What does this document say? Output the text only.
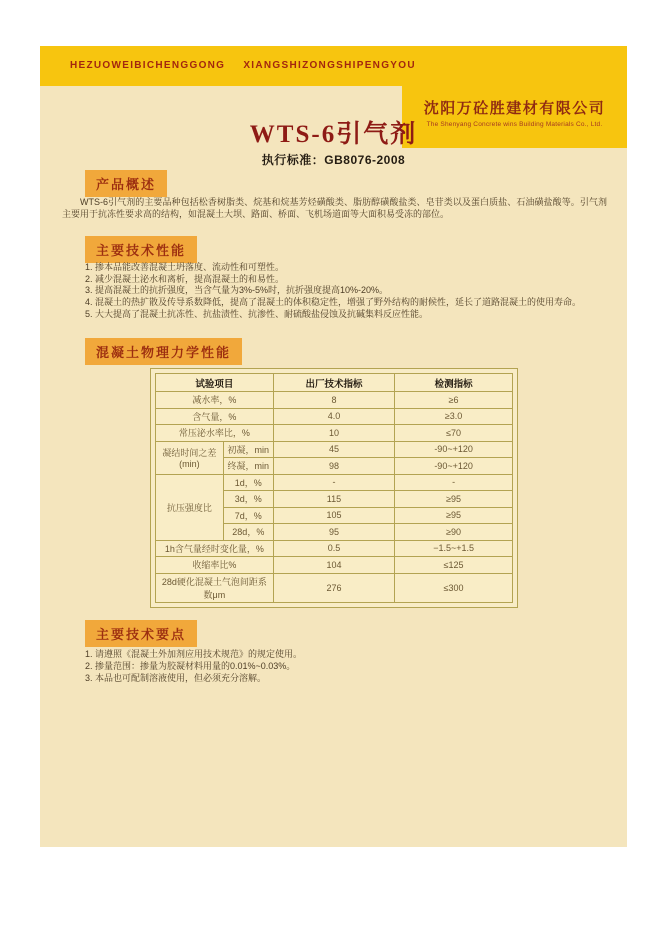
HEZUOWEIBICHENGGONG XIANGSHIZONGSHIPENGYOU
沈阳万砼胜建材有限公司
The Shenyang Concrete wins Building Materials Co., Ltd.
WTS-6引气剂
执行标准：GB8076-2008
产品概述
WTS-6引气剂的主要品种包括松香树脂类、烷基和烷基芳烃磺酸类、脂肪醇磺酸盐类、皂苷类以及蛋白质盐、石油磺盐酸等。引气剂主要用于抗冻性要求高的结构，如混凝土大坝、路面、桥面、飞机场道面等大面积易受冻的部位。
主要技术性能
1. 掺本品能改善混凝土坍落度、流动性和可塑性。
2. 减少混凝土泌水和离析，提高混凝土的和易性。
3. 提高混凝土的抗折强度，当含气量为3%-5%时，抗折强度提高10%-20%。
4. 混凝土的热扩散及传导系数降低，提高了混凝土的体积稳定性，增强了野外结构的耐候性，延长了道路混凝土的使用寿命。
5. 大大提高了混凝土抗冻性、抗盐渍性、抗渗性、耐硫酸盐侵蚀及抗碱集料反应性能。
混凝土物理力学性能
试验项目		出厂技术指标	检测指标
减水率，%		8	≥6
含气量，%		4.0	≥3.0
常压泌水率比，%		10	≤70
凝结时间之差
(min)	初凝，min	45	-90~+120
	终凝，min	98	-90~+120
抗压强度比	1d，%	-	-
	3d，%	115	≥95
	7d，%	105	≥95
	28d，%	95	≥90
1h含气量经时变化量，%		0.5	−1.5~+1.5
收缩率比%		104	≤125
28d硬化混凝土气泡间距系数μm		276	≤300
主要技术要点
1. 请遵照《混凝土外加剂应用技术规范》的规定使用。
2. 掺量范围：掺量为胶凝材料用量的0.01%~0.03%。
3. 本品也可配制溶液使用，但必须充分溶解。
